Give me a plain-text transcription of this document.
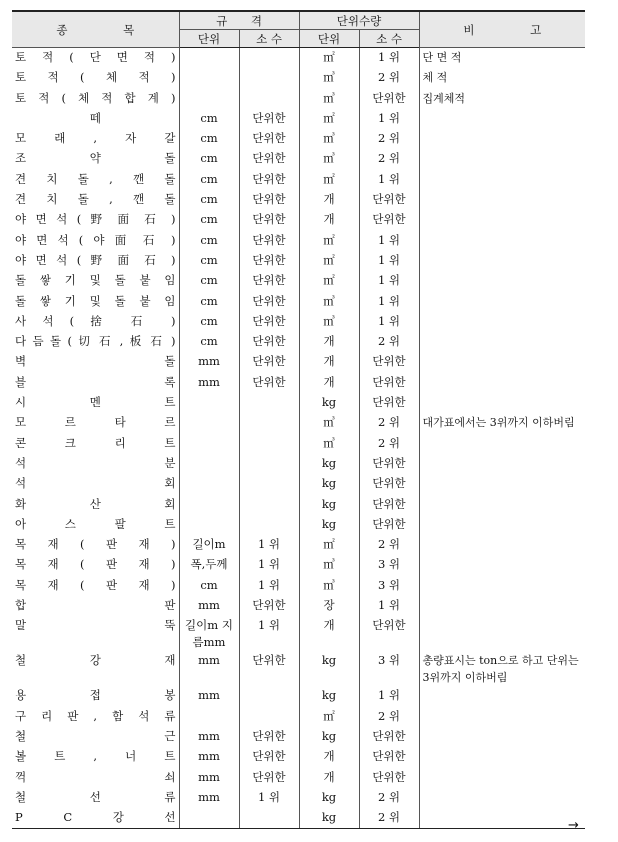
종 목	규 격		단위수량		비 고
	단위	소 수	단위	소 수	
토 적 ( 단 면 적 )			㎡	1 위	단 면 적
토 적 ( 체 적 )			㎥	2 위	체 적
토 적 ( 체 적 합 계 )			㎥	단위한	집계체적
떼	cm	단위한	㎡	1 위	
모 래 , 자 갈	cm	단위한	㎥	2 위	
조 약 돌	cm	단위한	㎥	2 위	
견 치 돌 , 깬 돌	cm	단위한	㎡	1 위	
견 치 돌 , 깬 돌	cm	단위한	개	단위한	
야 면 석 ( 野 面 石 )	cm	단위한	개	단위한	
야 면 석 ( 야 面 石 )	cm	단위한	㎡	1 위	
야 면 석 ( 野 面 石 )	cm	단위한	㎡	1 위	
돌 쌓 기 및 돌 붙 임	cm	단위한	㎡	1 위	
돌 쌓 기 및 돌 붙 임	cm	단위한	㎥	1 위	
사 석 ( 捨 石 )	cm	단위한	㎥	1 위	
다 듬 돌 ( 切 石 , 板 石 )	cm	단위한	개	2 위	
벽 돌	mm	단위한	개	단위한	
블 록	mm	단위한	개	단위한	
시 멘 트			kg	단위한	
모 르 타 르			㎥	2 위	대가표에서는 3위까지 이하버림
콘 크 리 트			㎥	2 위	
석 분			kg	단위한	
석 회			kg	단위한	
화 산 회			kg	단위한	
아 스 팔 트			kg	단위한	
목 재 ( 판 재 )	길이m	1 위	㎡	2 위	
목 재 ( 판 재 )	폭,두께	1 위	㎥	3 위	
목 재 ( 판 재 )	cm	1 위	㎥	3 위	
합 판	mm	단위한	장	1 위	
말 뚝	길이m 지름mm	1 위	개	단위한	
철 강 재	mm	단위한	kg	3 위	총량표시는 ton으로 하고 단위는 3위까지 이하버림
용 접 봉	mm		kg	1 위	
구 리 판 , 함 석 류			㎡	2 위	
철 근	mm	단위한	kg	단위한	
볼 트 , 너 트	mm	단위한	개	단위한	
꺽 쇠	mm	단위한	개	단위한	
철 선 류	mm	1 위	kg	2 위	
P C 강 선			kg	2 위	
→
